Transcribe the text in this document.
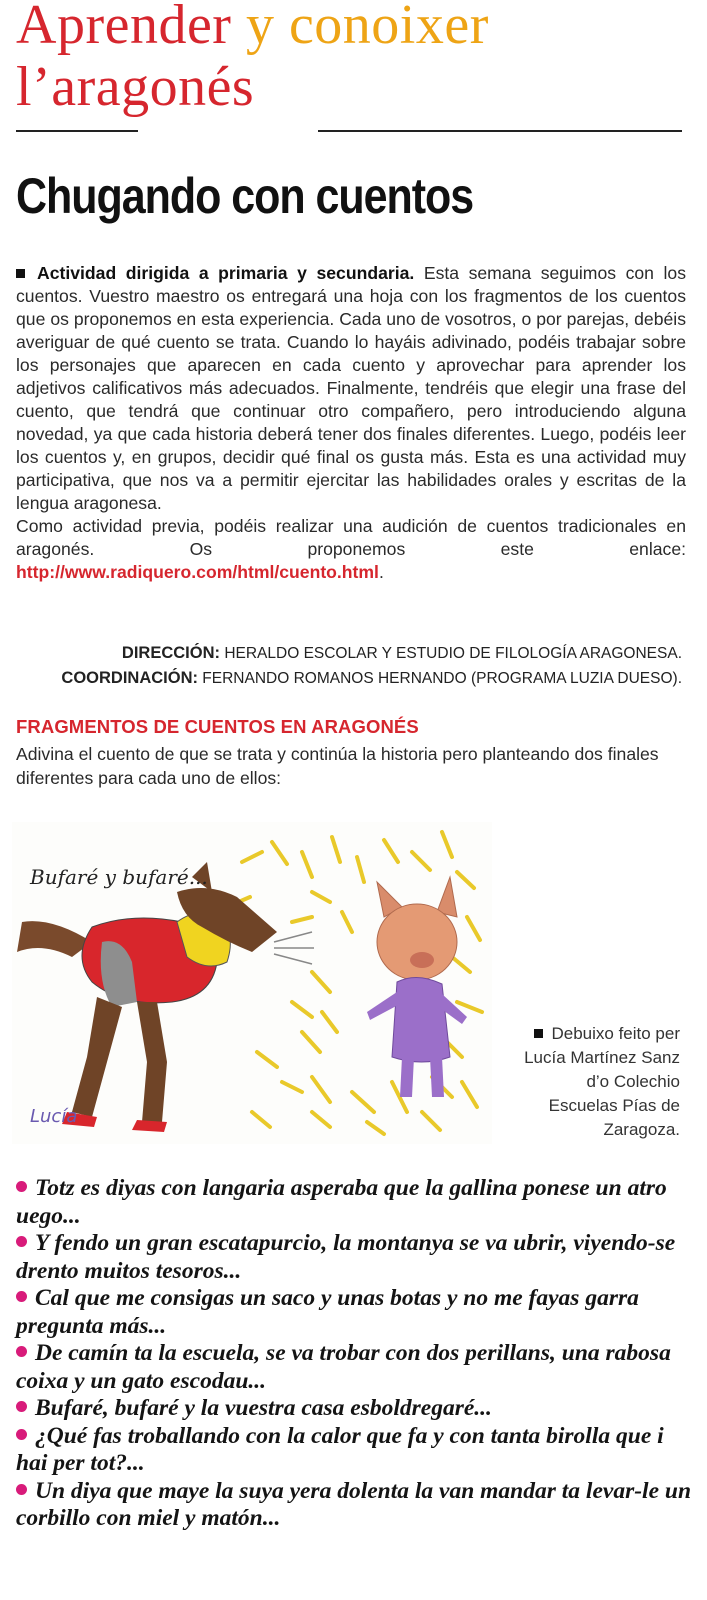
Aprender y conoixer
l’aragonés
Chugando con cuentos

Actividad dirigida a primaria y secundaria. Esta semana seguimos con los cuentos. Vuestro maestro os entregará una hoja con los fragmentos de los cuentos que os proponemos en esta experiencia. Cada uno de vosotros, o por parejas, debéis averiguar de qué cuento se trata. Cuando lo hayáis adivinado, podéis trabajar sobre los personajes que aparecen en cada cuento y aprovechar para aprender los adjetivos calificativos más adecuados. Finalmente, tendréis que elegir una frase del cuento, que tendrá que continuar otro compañero, pero introduciendo alguna novedad, ya que cada historia deberá tener dos finales diferentes. Luego, podéis leer los cuentos y, en grupos, decidir qué final os gusta más. Esta es una actividad muy participativa, que nos va a permitir ejercitar las habilidades orales y escritas de la lengua aragonesa.

Como actividad previa, podéis realizar una audición de cuentos tradicionales en aragonés. Os proponemos este enlace: http://www.radiquero.com/html/cuento.html.

DIRECCIÓN: HERALDO ESCOLAR Y ESTUDIO DE FILOLOGÍA ARAGONESA.
COORDINACIÓN: FERNANDO ROMANOS HERNANDO (PROGRAMA LUZIA DUESO).
FRAGMENTOS DE CUENTOS EN ARAGONÉS
Adivina el cuento de que se trata y continúa la historia pero planteando dos finales diferentes para cada uno de ellos:
Bufaré y bufaré...
Lucía
Debuixo feito per Lucía Martínez Sanz d’o Colechio Escuelas Pías de Zaragoza.
Totz es diyas con langaria asperaba que la gallina ponese un atro uego...
Y fendo un gran escatapurcio, la montanya se va ubrir, viyendo-se drento muitos tesoros...
Cal que me consigas un saco y unas botas y no me fayas garra pregunta más...
De camín ta la escuela, se va trobar con dos perillans, una rabosa coixa y un gato escodau...
Bufaré, bufaré y la vuestra casa esboldregaré...
¿Qué fas troballando con la calor que fa y con tanta birolla que i hai per tot?...
Un diya que maye la suya yera dolenta la van mandar ta levar-le un corbillo con miel y matón...
